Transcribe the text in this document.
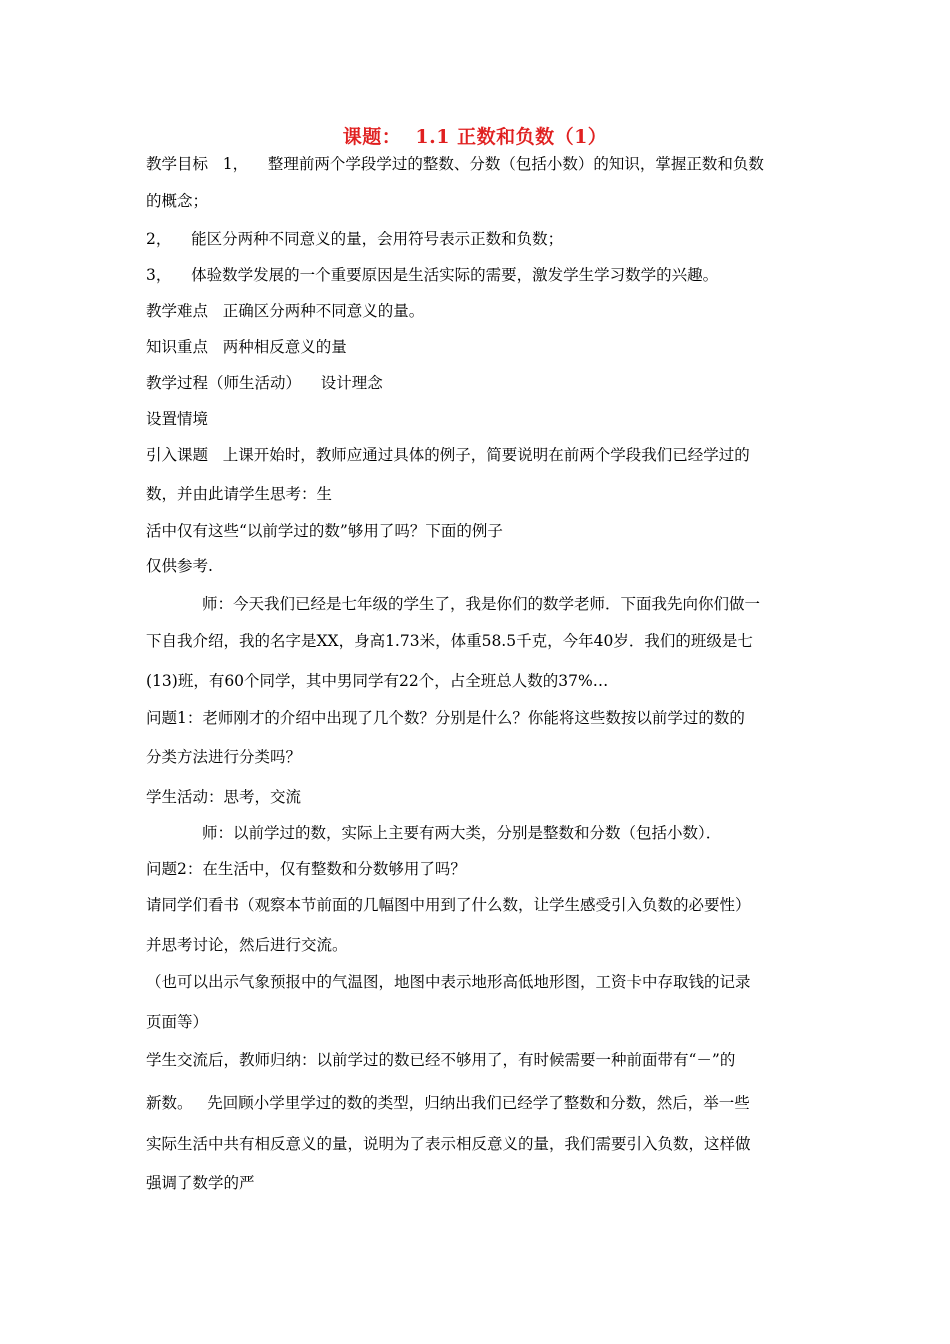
课题：  1.1 正数和负数（1）
教学目标   1，    整理前两个学段学过的整数、分数（包括小数）的知识，掌握正数和负数
的概念；
2，    能区分两种不同意义的量，会用符号表示正数和负数；
3，    体验数学发展的一个重要原因是生活实际的需要，激发学生学习数学的兴趣。
教学难点   正确区分两种不同意义的量。
知识重点   两种相反意义的量
教学过程（师生活动）    设计理念
设置情境
引入课题   上课开始时，教师应通过具体的例子，简要说明在前两个学段我们已经学过的
数，并由此请学生思考：生
活中仅有这些“以前学过的数”够用了吗？下面的例子
仅供参考.
师：今天我们已经是七年级的学生了，我是你们的数学老师．下面我先向你们做一
下自我介绍，我的名字是XX，身高1.73米，体重58.5千克，今年40岁．我们的班级是七
(13)班，有60个同学，其中男同学有22个，占全班总人数的37%…
问题1：老师刚才的介绍中出现了几个数？分别是什么？你能将这些数按以前学过的数的
分类方法进行分类吗？
学生活动：思考，交流
师：以前学过的数，实际上主要有两大类，分别是整数和分数（包括小数）．
问题2：在生活中，仅有整数和分数够用了吗？
请同学们看书（观察本节前面的几幅图中用到了什么数，让学生感受引入负数的必要性）
并思考讨论，然后进行交流。
（也可以出示气象预报中的气温图，地图中表示地形高低地形图，工资卡中存取钱的记录
页面等）
学生交流后，教师归纳：以前学过的数已经不够用了，有时候需要一种前面带有“－”的
新数。   先回顾小学里学过的数的类型，归纳出我们已经学了整数和分数，然后，举一些
实际生活中共有相反意义的量，说明为了表示相反意义的量，我们需要引入负数，这样做
强调了数学的严
